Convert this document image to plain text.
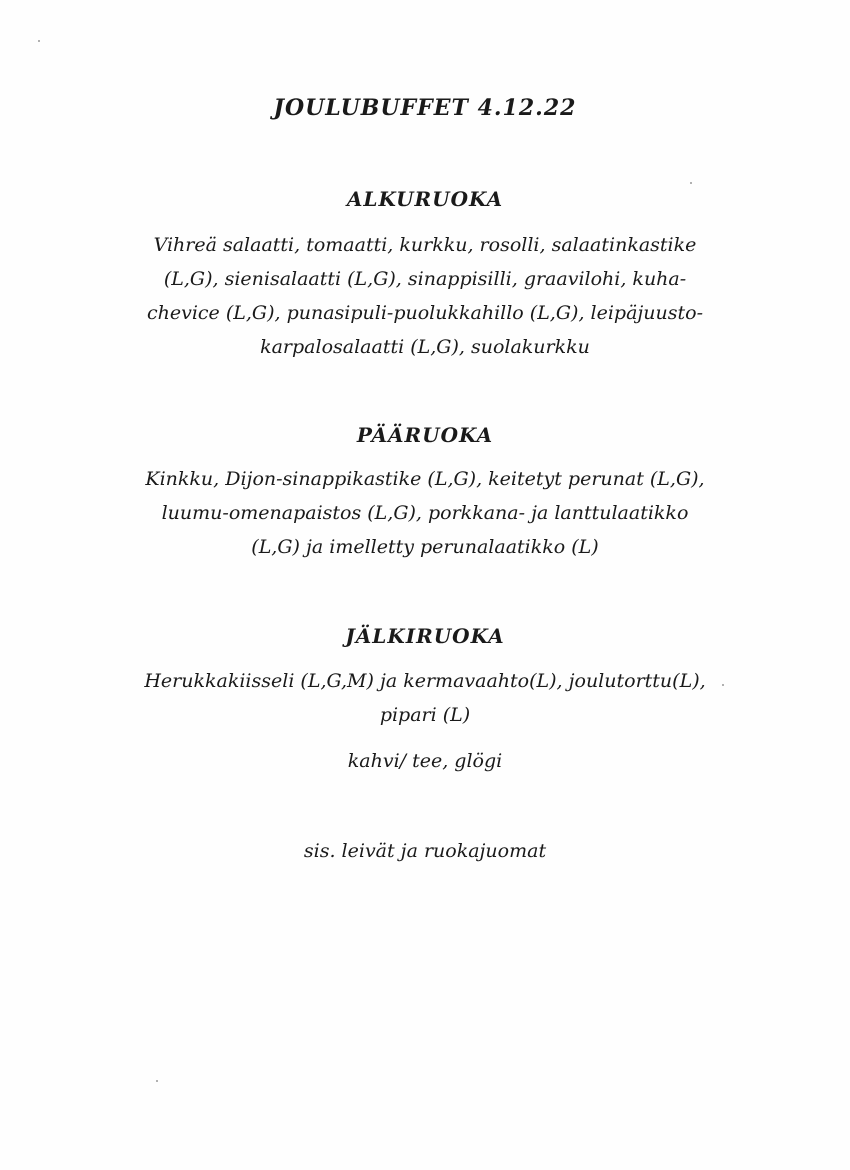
JOULUBUFFET 4.12.22
ALKURUOKA
Vihreä salaatti, tomaatti, kurkku, rosolli, salaatinkastike
(L,G), sienisalaatti (L,G), sinappisilli, graavilohi, kuha-
chevice (L,G), punasipuli-puolukkahillo (L,G), leipäjuusto-
karpalosalaatti (L,G), suolakurkku
PÄÄRUOKA
Kinkku, Dijon-sinappikastike (L,G), keitetyt perunat (L,G),
luumu-omenapaistos (L,G), porkkana- ja lanttulaatikko
(L,G) ja imelletty perunalaatikko (L)
JÄLKIRUOKA
Herukkakiisseli (L,G,M) ja kermavaahto(L), joulutorttu(L),
pipari (L)
kahvi/ tee, glögi
sis. leivät ja ruokajuomat
